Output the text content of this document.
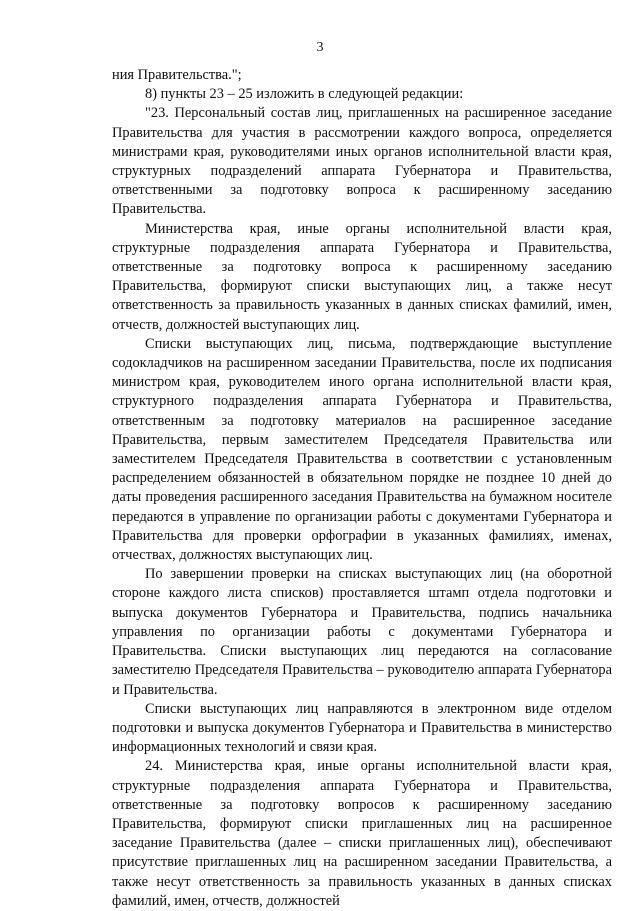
3

ния Правительства.";

8) пункты 23 – 25 изложить в следующей редакции:

"23. Персональный состав лиц, приглашенных на расширенное заседание Правительства для участия в рассмотрении каждого вопроса, определяется министрами края, руководителями иных органов исполнительной власти края, структурных подразделений аппарата Губернатора и Правительства, ответственными за подготовку вопроса к расширенному заседанию Правительства.

Министерства края, иные органы исполнительной власти края, структурные подразделения аппарата Губернатора и Правительства, ответственные за подготовку вопроса к расширенному заседанию Правительства, формируют списки выступающих лиц, а также несут ответственность за правильность указанных в данных списках фамилий, имен, отчеств, должностей выступающих лиц.

Списки выступающих лиц, письма, подтверждающие выступление содокладчиков на расширенном заседании Правительства, после их подписания министром края, руководителем иного органа исполнительной власти края, структурного подразделения аппарата Губернатора и Правительства, ответственным за подготовку материалов на расширенное заседание Правительства, первым заместителем Председателя Правительства или заместителем Председателя Правительства в соответствии с установленным распределением обязанностей в обязательном порядке не позднее 10 дней до даты проведения расширенного заседания Правительства на бумажном носителе передаются в управление по организации работы с документами Губернатора и Правительства для проверки орфографии в указанных фамилиях, именах, отчествах, должностях выступающих лиц.

По завершении проверки на списках выступающих лиц (на оборотной стороне каждого листа списков) проставляется штамп отдела подготовки и выпуска документов Губернатора и Правительства, подпись начальника управления по организации работы с документами Губернатора и Правительства. Списки выступающих лиц передаются на согласование заместителю Председателя Правительства – руководителю аппарата Губернатора и Правительства.

Списки выступающих лиц направляются в электронном виде отделом подготовки и выпуска документов Губернатора и Правительства в министерство информационных технологий и связи края.

24. Министерства края, иные органы исполнительной власти края, структурные подразделения аппарата Губернатора и Правительства, ответственные за подготовку вопросов к расширенному заседанию Правительства, формируют списки приглашенных лиц на расширенное заседание Правительства (далее – списки приглашенных лиц), обеспечивают присутствие приглашенных лиц на расширенном заседании Правительства, а также несут ответственность за правильность указанных в данных списках фамилий, имен, отчеств, должностей
